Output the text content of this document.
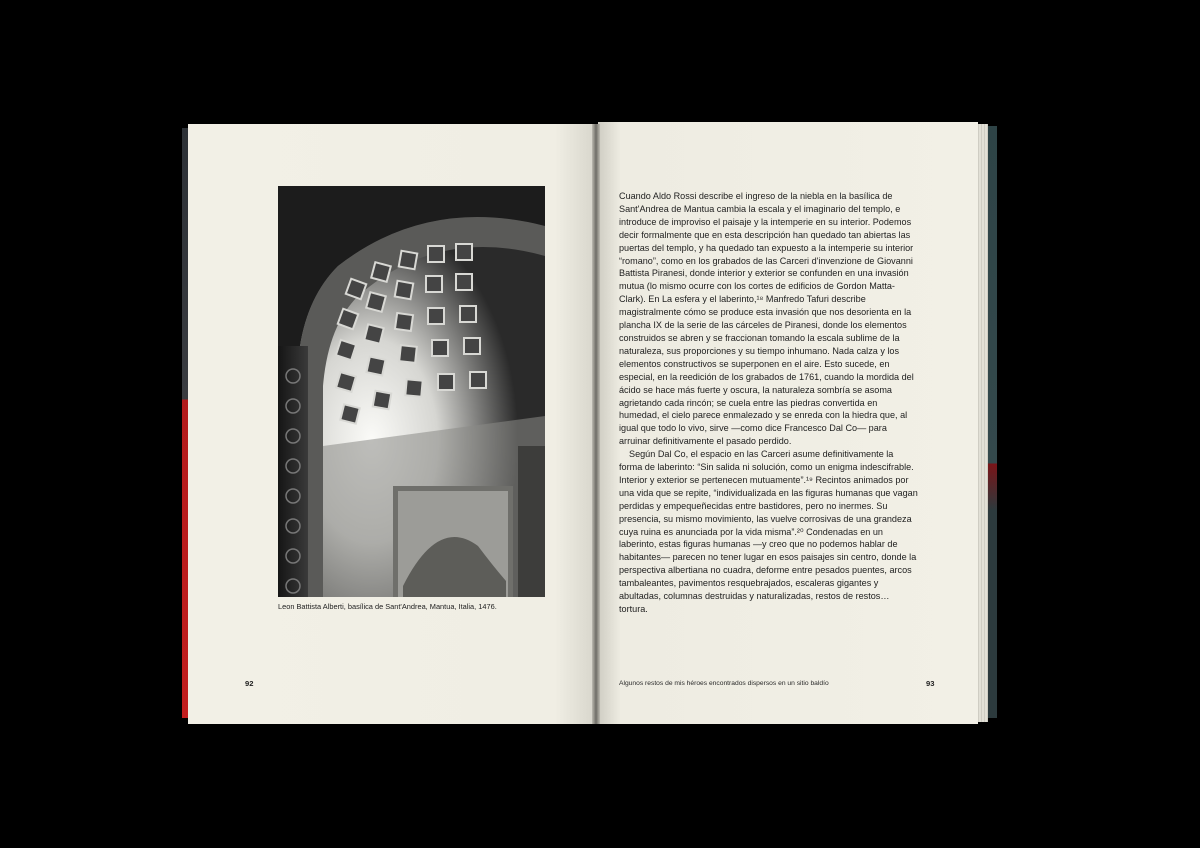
Leon Battista Alberti, basílica de Sant'Andrea, Mantua, Italia, 1476.
92

Cuando Aldo Rossi describe el ingreso de la niebla en la basílica de Sant'Andrea de Mantua cambia la escala y el imaginario del templo, e introduce de improviso el paisaje y la intemperie en su interior. Podemos decir formalmente que en esta descripción han quedado tan abiertas las puertas del templo, y ha quedado tan expuesto a la intemperie su interior “romano”, como en los grabados de las Carceri d'invenzione de Giovanni Battista Piranesi, donde interior y exterior se confunden en una invasión mutua (lo mismo ocurre con los cortes de edificios de Gordon Matta-Clark). En La esfera y el laberinto,¹⁸ Manfredo Tafuri describe magistralmente cómo se produce esta invasión que nos desorienta en la plancha IX de la serie de las cárceles de Piranesi, donde los elementos construidos se abren y se fraccionan tomando la escala sublime de la naturaleza, sus proporciones y su tiempo inhumano. Nada calza y los elementos constructivos se superponen en el aire. Esto sucede, en especial, en la reedición de los grabados de 1761, cuando la mordida del ácido se hace más fuerte y oscura, la naturaleza sombría se asoma agrietando cada rincón; se cuela entre las piedras convertida en humedad, el cielo parece enmalezado y se enreda con la hiedra que, al igual que todo lo vivo, sirve —como dice Francesco Dal Co— para arruinar definitivamente el pasado perdido.

Según Dal Co, el espacio en las Carceri asume definitivamente la forma de laberinto: “Sin salida ni solución, como un enigma indescifrable. Interior y exterior se pertenecen mutuamente”.¹⁹ Recintos animados por una vida que se repite, “individualizada en las figuras humanas que vagan perdidas y empequeñecidas entre bastidores, pero no inermes. Su presencia, su mismo movimiento, las vuelve corrosivas de una grandeza cuya ruina es anunciada por la vida misma”.²⁰ Condenadas en un laberinto, estas figuras humanas —y creo que no podemos hablar de habitantes— parecen no tener lugar en esos paisajes sin centro, donde la perspectiva albertiana no cuadra, deforme entre pesados puentes, arcos tambaleantes, pavimentos resquebrajados, escaleras gigantes y abultadas, columnas destruidas y naturalizadas, restos de restos… tortura.

Algunos restos de mis héroes encontrados dispersos en un sitio baldío	93
